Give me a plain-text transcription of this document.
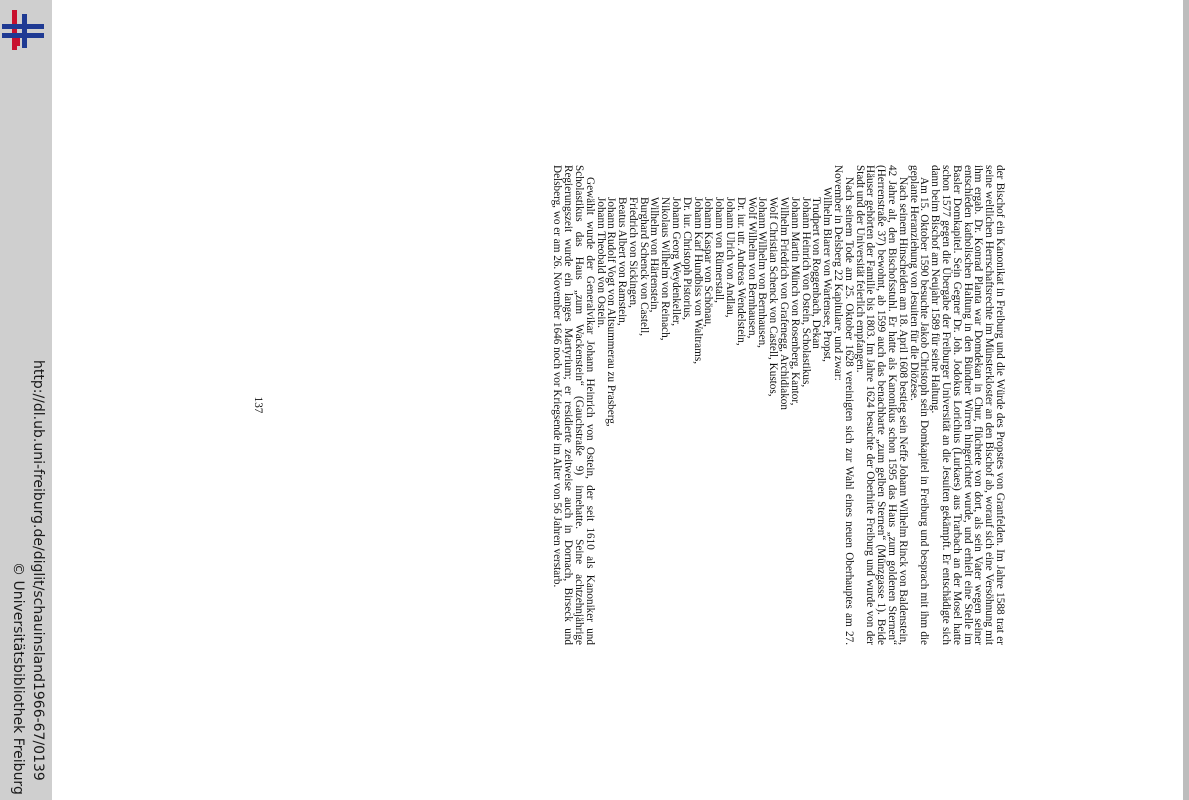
http://dl.ub.uni-freiburg.de/diglit/schauinsland1966-67/0139
© Universitätsbibliothek Freiburg

der Bischof ein Kanonikat in Freiburg und die Würde des Propstes von Granfelden. Im Jahre 1588 trat er seine weltlichen Herrschaftsrechte im Münsterkloster an den Bischof ab, worauf sich eine Versöhnung mit ihm ergab. Dr. Konrad Planta war Domdekan in Chur, flüchtete von dort, als sein Vater wegen seiner entschieden katholischen Haltung in den Bündner Wirren hingerichtet wurde, und erhielt eine Stelle im Basler Domkapitel. Sein Gegner Dr. Joh. Jodokus Lorichius (Lurkaes) aus Trarbach an der Mosel hatte schon 1577 gegen die Übergabe der Freiburger Universität an die Jesuiten gekämpft. Er entschädigte sich dann beim Bischof am Neujahr 1589 für seine Haltung.

Am 15. Oktober 1590 besuchte Jakob Christoph sein Domkapitel in Freiburg und besprach mit ihm die geplante Heranziehung von Jesuiten für die Diözese.

Nach seinem Hinscheiden am 18. April 1608 bestieg sein Neffe Johann Wilhelm Rinck von Baldenstein, 42 Jahre alt, den Bischofsstuhl. Er hatte als Kanonikus schon 1595 das Haus „zum goldenen Sternen“ (Herrenstraße 37) bewohnt, ab 1599 auch das benachbarte „zum gelben Sternen“ (Münzgasse 1). Beide Häuser gehörten der Familie bis 1803. Im Jahre 1624 besuchte der Oberhirte Freiburg und wurde von der Stadt und der Universität feierlich empfangen.

Nach seinem Tode am 25. Oktober 1628 vereinigten sich zur Wahl eines neuen Oberhauptes am 27. November in Delsberg 22 Kapitulare, und zwar:

Wilhelm Blarer von Wartensee, Propst,
Trudpert von Roggenbach, Dekan
Johann Heinrich von Ostein, Scholastikus,
Johann Martin Münch von Rosenberg, Kantor,
Wilhelm Friedrich von Grafenegg, Archidiakon
Wolf Christian Schenck von Castell, Kustos,
Johann Wilhelm von Bernhausen,
Wolf Wilhelm von Bernhausen,
Dr. iur. utr. Andreas Wendelstein,
Johann Ulrich von Andlau,
Johann von Rümerstall,
Johann Kaspar von Schönau,
Johann Karl Hundbiss von Waltrams,
Dr. iur. Christoph Pistorius,
Johann Georg Weydenkeller,
Nikolaus Wilhelm von Reinach,
Wilhelm von Härtenstein,
Burghard Schenck von Castell,
Friedrich von Sickingen,
Beatus Albert von Ramstein,
Johann Rudolf Vogt von Altsummerau zu Prasberg,
Johann Theobald von Ostein.

Gewählt wurde der Generalvikar Johann Heinrich von Ostein, der seit 1610 als Kanoniker und Scholastikus das Haus „zum Wackenstein“ (Gauchstraße 9) innehatte. Seine achtzehnjährige Regierungszeit wurde ein langes Martyrium; er residierte zeitweise auch in Dornach, Birseck und Delsberg, wo er am 26. November 1646 noch vor Kriegsende im Alter von 56 Jahren verstarb.

137
